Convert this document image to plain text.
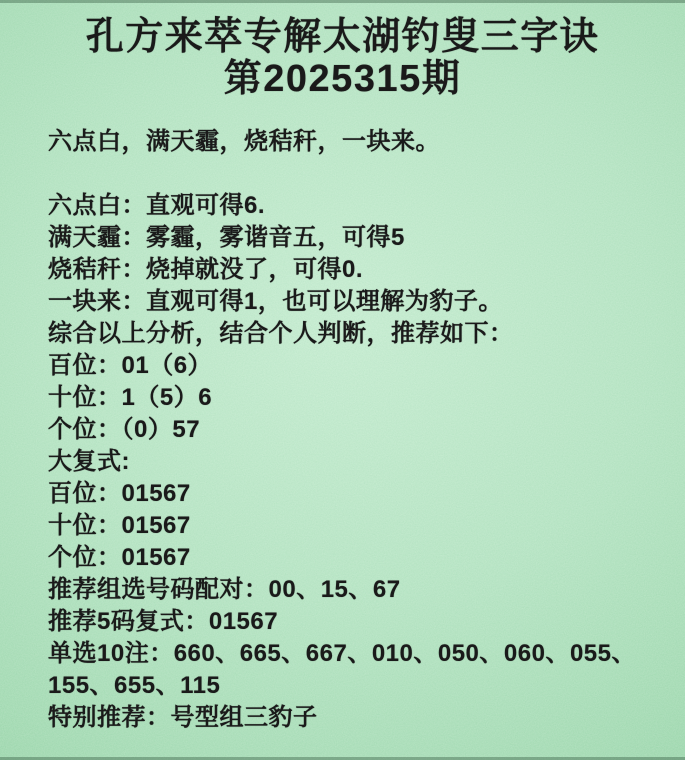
孔方来萃专解太湖钓叟三字诀
第2025315期
六点白，满天霾，烧秸秆，一块来。
六点白：直观可得6.
满天霾：雾霾，雾谐音五，可得5
烧秸秆：烧掉就没了，可得0.
一块来：直观可得1，也可以理解为豹子。
综合以上分析，结合个人判断，推荐如下：
百位：01（6）
十位：1（5）6
个位：（0）57
大复式:
百位：01567
十位：01567
个位：01567
推荐组选号码配对：00、15、67
推荐5码复式：01567
单选10注：660、665、667、010、050、060、055、155、655、115
特别推荐：号型组三豹子
